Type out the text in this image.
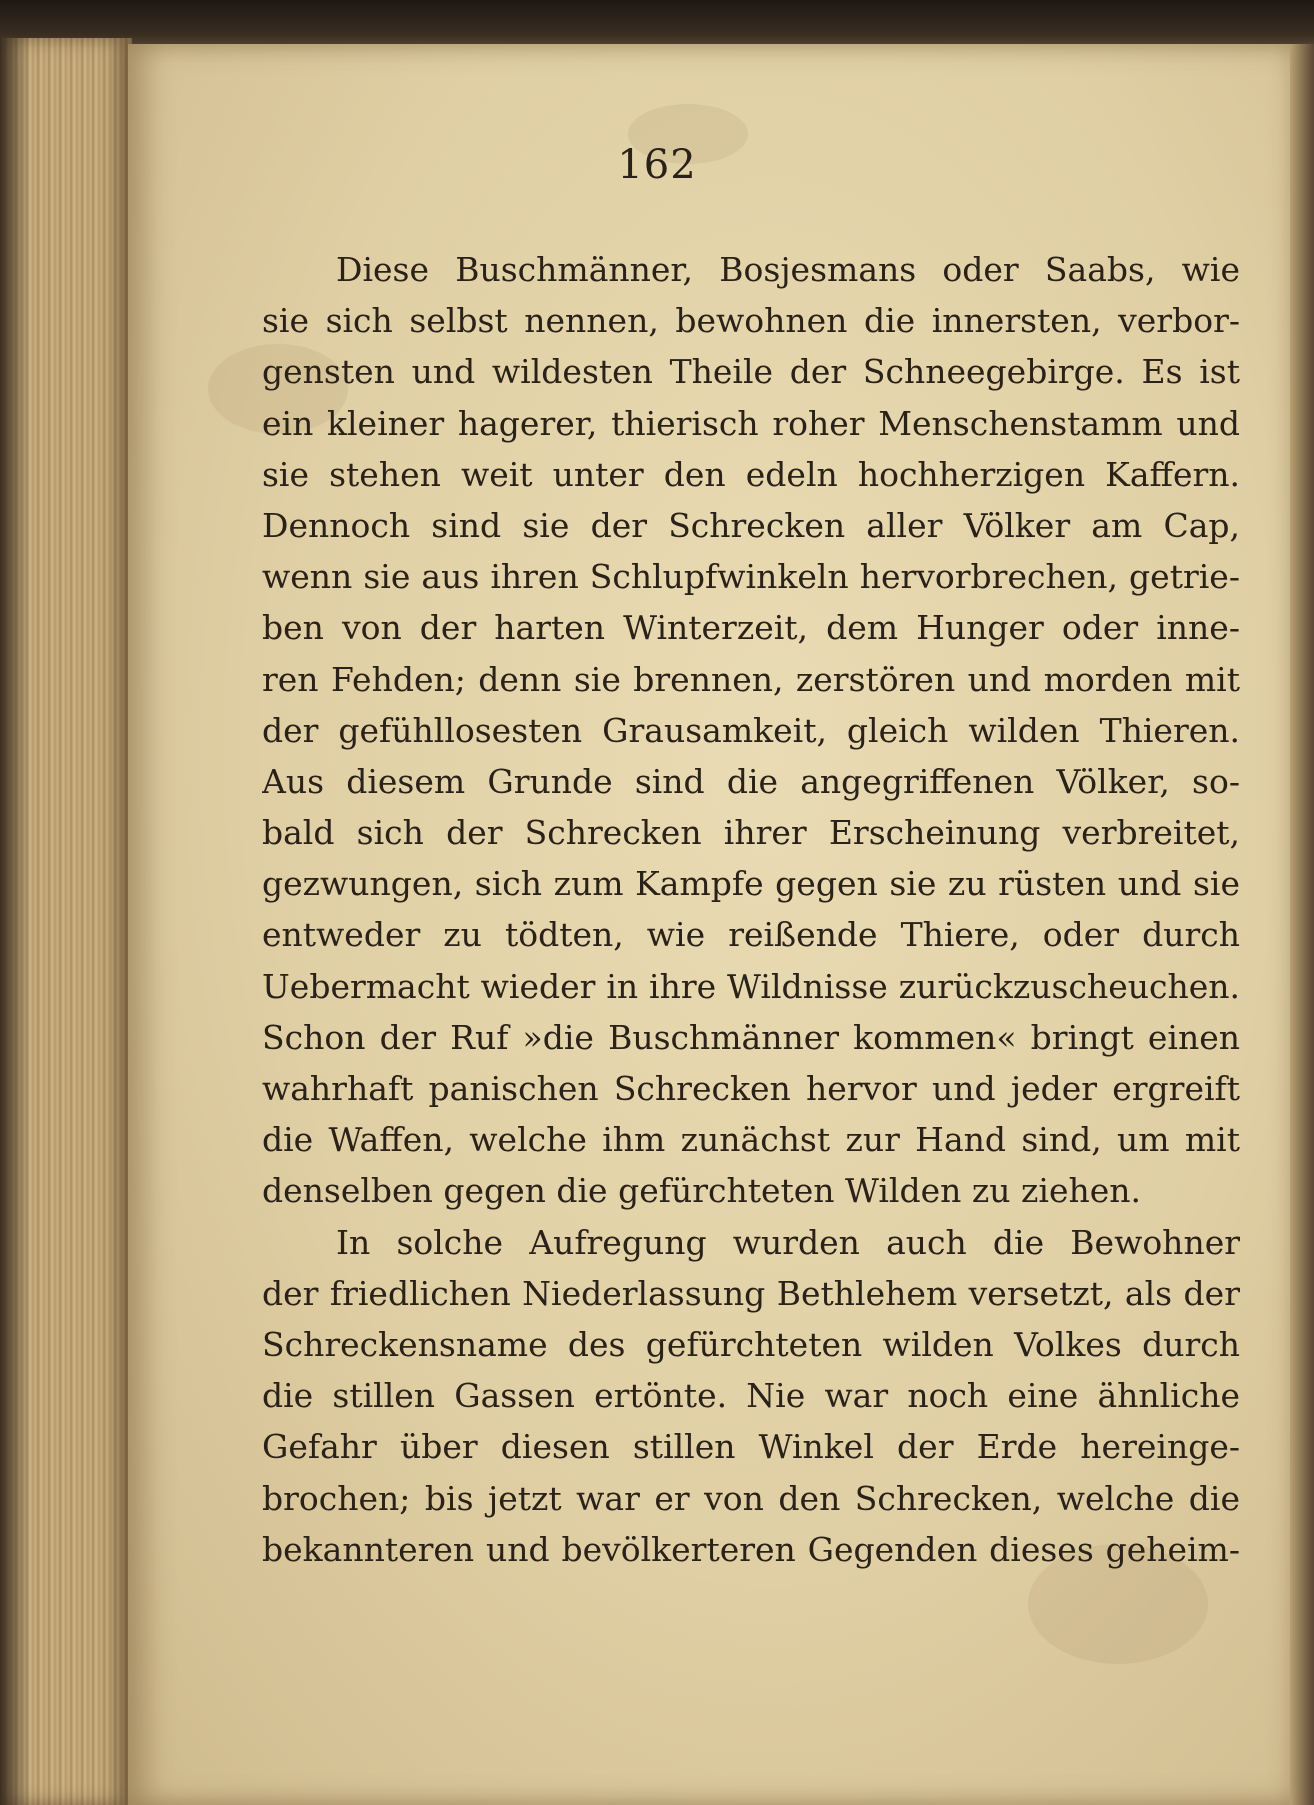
162
Diese Buschmänner, Bosjesmans oder Saabs, wie
sie sich selbst nennen, bewohnen die innersten, verbor-
gensten und wildesten Theile der Schneegebirge. Es ist
ein kleiner hagerer, thierisch roher Menschenstamm und
sie stehen weit unter den edeln hochherzigen Kaffern.
Dennoch sind sie der Schrecken aller Völker am Cap,
wenn sie aus ihren Schlupfwinkeln hervorbrechen, getrie-
ben von der harten Winterzeit, dem Hunger oder inne-
ren Fehden; denn sie brennen, zerstören und morden mit
der gefühllosesten Grausamkeit, gleich wilden Thieren.
Aus diesem Grunde sind die angegriffenen Völker, so-
bald sich der Schrecken ihrer Erscheinung verbreitet,
gezwungen, sich zum Kampfe gegen sie zu rüsten und sie
entweder zu tödten, wie reißende Thiere, oder durch
Uebermacht wieder in ihre Wildnisse zurückzuscheuchen.
Schon der Ruf »die Buschmänner kommen« bringt einen
wahrhaft panischen Schrecken hervor und jeder ergreift
die Waffen, welche ihm zunächst zur Hand sind, um mit
denselben gegen die gefürchteten Wilden zu ziehen.
In solche Aufregung wurden auch die Bewohner
der friedlichen Niederlassung Bethlehem versetzt, als der
Schreckensname des gefürchteten wilden Volkes durch
die stillen Gassen ertönte. Nie war noch eine ähnliche
Gefahr über diesen stillen Winkel der Erde hereinge-
brochen; bis jetzt war er von den Schrecken, welche die
bekannteren und bevölkerteren Gegenden dieses geheim-
